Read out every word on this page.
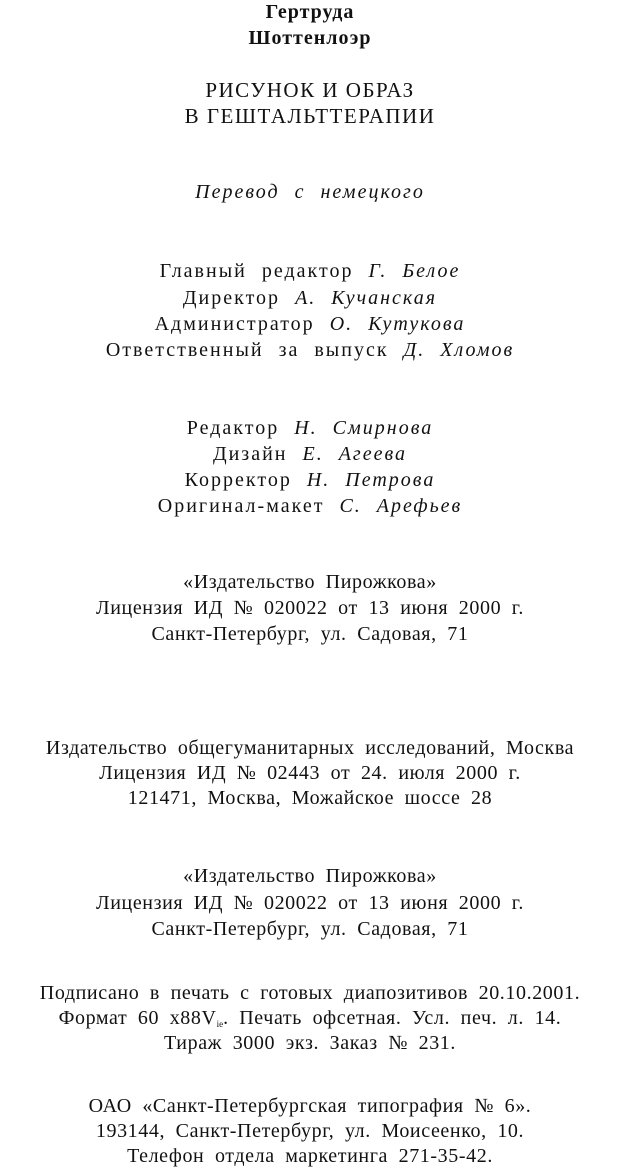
Гертруда
Шоттенлоэр
РИСУНОК И ОБРАЗ
В ГЕШТАЛЬТТЕРАПИИ
Перевод с немецкого
Главный редактор Г. Белое
Директор А. Кучанская
Администратор О. Кутукова
Ответственный за выпуск Д. Хломов
Редактор Н. Смирнова
Дизайн Е. Агеева
Корректор Н. Петрова
Оригинал-макет С. Арефьев
«Издательство Пирожкова»
Лицензия ИД № 020022 от 13 июня 2000 г.
Санкт-Петербург, ул. Садовая, 71
Издательство общегуманитарных исследований, Москва
Лицензия ИД № 02443 от 24. июля 2000 г.
121471, Москва, Можайское шоссе 28
«Издательство Пирожкова»
Лицензия ИД № 020022 от 13 июня 2000 г.
Санкт-Петербург, ул. Садовая, 71
Подписано в печать с готовых диапозитивов 20.10.2001.
Формат 60 $х88V_{ie}$. Печать офсетная. Усл. печ. л. 14.
Тираж 3000 экз. Заказ № 231.
ОАО «Санкт-Петербургская типография № 6».
193144, Санкт-Петербург, ул. Моисеенко, 10.
Телефон отдела маркетинга 271-35-42.
